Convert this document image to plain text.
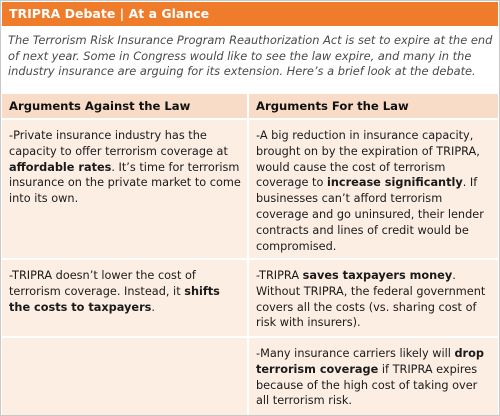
TRIPRA Debate | At a Glance
The Terrorism Risk Insurance Program Reauthorization Act is set to expire at the end of next year. Some in Congress would like to see the law expire, and many in the industry insurance are arguing for its extension. Here’s a brief look at the debate.
Arguments Against the Law	Arguments For the Law
-Private insurance industry has the capacity to offer terrorism coverage at affordable rates. It’s time for terrorism insurance on the private market to come into its own.
-A big reduction in insurance capacity, brought on by the expiration of TRIPRA, would cause the cost of terrorism coverage to increase significantly. If businesses can’t afford terrorism coverage and go uninsured, their lender contracts and lines of credit would be compromised.
-TRIPRA doesn’t lower the cost of terrorism coverage. Instead, it shifts the costs to taxpayers.
-TRIPRA saves taxpayers money. Without TRIPRA, the federal government covers all the costs (vs. sharing cost of risk with insurers).
-Many insurance carriers likely will drop terrorism coverage if TRIPRA expires because of the high cost of taking over all terrorism risk.
